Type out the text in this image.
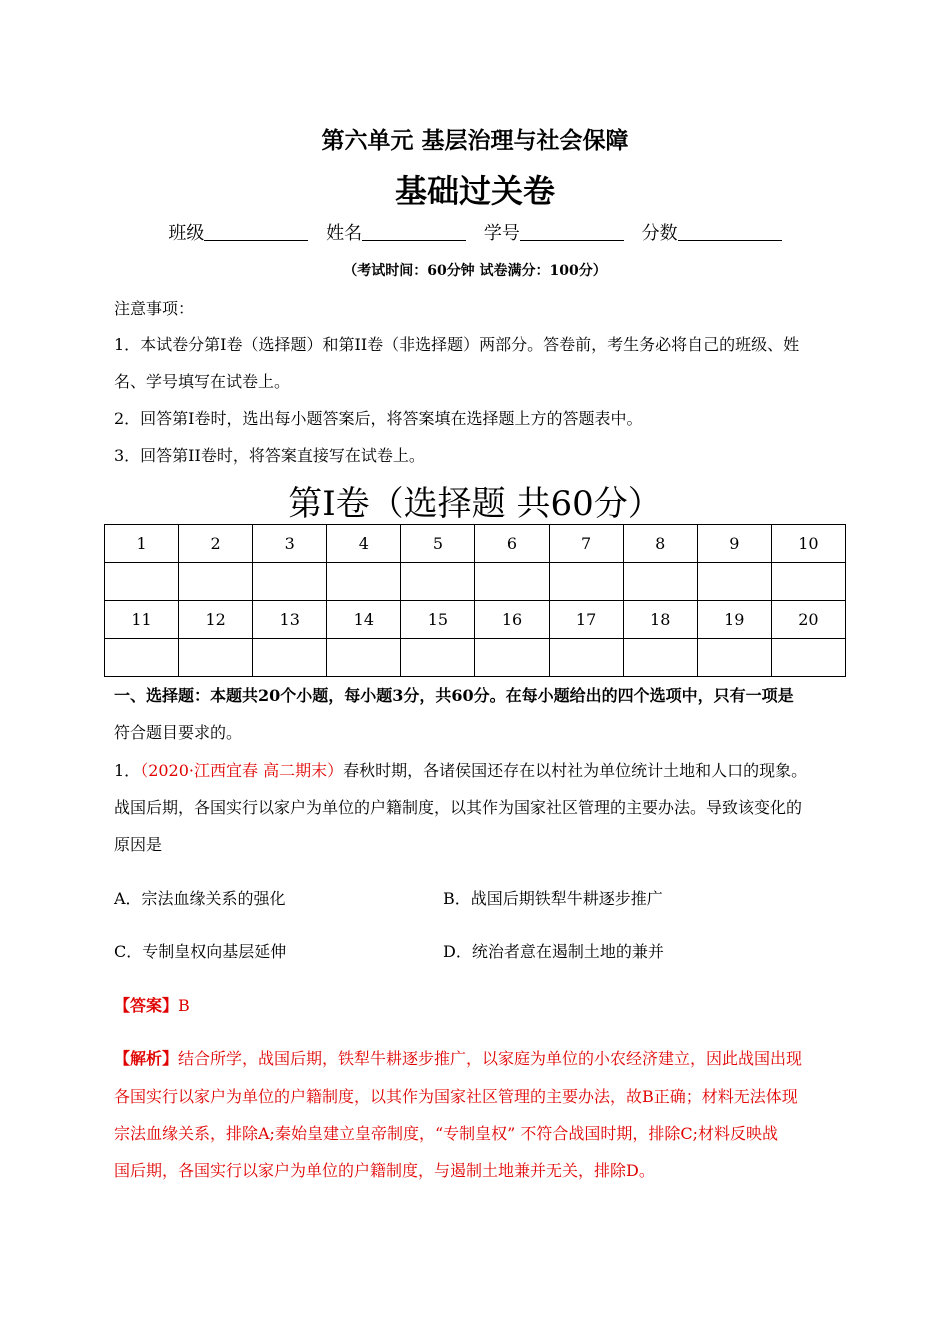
第六单元 基层治理与社会保障
基础过关卷
班级	姓名	学号	分数
（考试时间：60分钟 试卷满分：100分）
注意事项：
1．本试卷分第I卷（选择题）和第II卷（非选择题）两部分。答卷前，考生务必将自己的班级、姓
名、学号填写在试卷上。
2．回答第I卷时，选出每小题答案后，将答案填在选择题上方的答题表中。
3．回答第II卷时，将答案直接写在试卷上。
第I卷（选择题 共60分）
1	2	3	4	5	6	7	8	9	10

11	12	13	14	15	16	17	18	19	20

一、选择题：本题共20个小题，每小题3分，共60分。在每小题给出的四个选项中，只有一项是
符合题目要求的。
1．（2020·江西宜春 高二期末）春秋时期，各诸侯国还存在以村社为单位统计土地和人口的现象。
战国后期，各国实行以家户为单位的户籍制度，以其作为国家社区管理的主要办法。导致该变化的
原因是
A．宗法血缘关系的强化	B．战国后期铁犁牛耕逐步推广
C．专制皇权向基层延伸	D．统治者意在遏制土地的兼并
【答案】B
【解析】结合所学，战国后期，铁犁牛耕逐步推广，以家庭为单位的小农经济建立，因此战国出现
各国实行以家户为单位的户籍制度，以其作为国家社区管理的主要办法，故B正确；材料无法体现
宗法血缘关系，排除A;秦始皇建立皇帝制度，“专制皇权” 不符合战国时期，排除C;材料反映战
国后期，各国实行以家户为单位的户籍制度，与遏制土地兼并无关，排除D。
